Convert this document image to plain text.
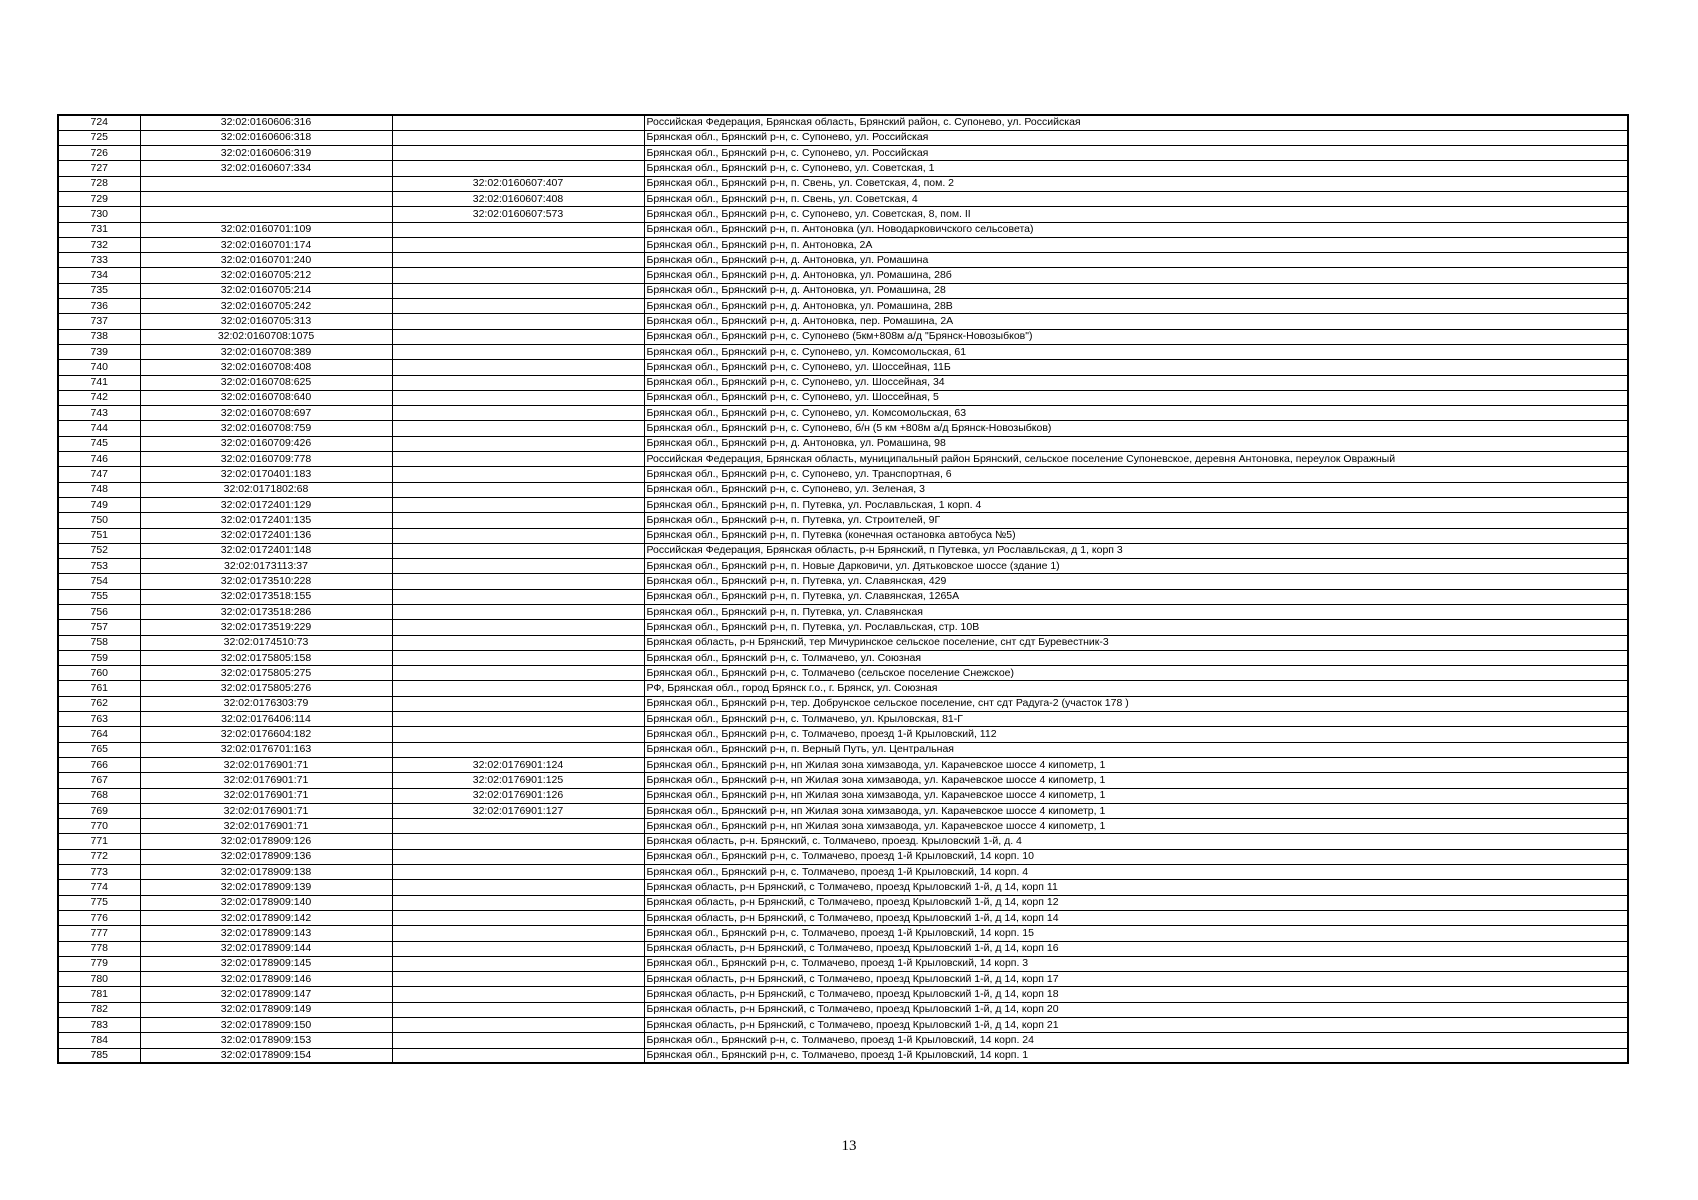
724	32:02:0160606:316		Российская Федерация, Брянская область, Брянский район, с. Супонево, ул. Российская
725	32:02:0160606:318		Брянская обл., Брянский р-н, с. Супонево, ул. Российская
726	32:02:0160606:319		Брянская обл., Брянский р-н, с. Супонево, ул. Российская
727	32:02:0160607:334		Брянская обл., Брянский р-н, с. Супонево, ул. Советская, 1
728		32:02:0160607:407	Брянская обл., Брянский р-н, п. Свень, ул. Советская, 4, пом. 2
729		32:02:0160607:408	Брянская обл., Брянский р-н, п. Свень, ул. Советская, 4
730		32:02:0160607:573	Брянская обл., Брянский р-н, с. Супонево, ул. Советская, 8, пом. II
731	32:02:0160701:109		Брянская обл., Брянский р-н, п. Антоновка (ул. Новодарковичского сельсовета)
732	32:02:0160701:174		Брянская обл., Брянский р-н, п. Антоновка, 2А
733	32:02:0160701:240		Брянская обл., Брянский р-н, д. Антоновка, ул. Ромашина
734	32:02:0160705:212		Брянская обл., Брянский р-н, д. Антоновка, ул. Ромашина, 28б
735	32:02:0160705:214		Брянская обл., Брянский р-н, д. Антоновка, ул. Ромашина, 28
736	32:02:0160705:242		Брянская обл., Брянский р-н, д. Антоновка, ул. Ромашина, 28В
737	32:02:0160705:313		Брянская обл., Брянский р-н, д. Антоновка, пер. Ромашина, 2А
738	32:02:0160708:1075		Брянская обл., Брянский р-н, с. Супонево (5км+808м а/д "Брянск-Новозыбков")
739	32:02:0160708:389		Брянская обл., Брянский р-н, с. Супонево, ул. Комсомольская, 61
740	32:02:0160708:408		Брянская обл., Брянский р-н, с. Супонево, ул. Шоссейная, 11Б
741	32:02:0160708:625		Брянская обл., Брянский р-н, с. Супонево, ул. Шоссейная, 34
742	32:02:0160708:640		Брянская обл., Брянский р-н, с. Супонево, ул. Шоссейная, 5
743	32:02:0160708:697		Брянская обл., Брянский р-н, с. Супонево, ул. Комсомольская, 63
744	32:02:0160708:759		Брянская обл., Брянский р-н, с. Супонево, б/н (5 км +808м а/д Брянск-Новозыбков)
745	32:02:0160709:426		Брянская обл., Брянский р-н, д. Антоновка, ул. Ромашина, 98
746	32:02:0160709:778		Российская Федерация, Брянская область, муниципальный район Брянский, сельское поселение Супоневское, деревня Антоновка, переулок Овражный
747	32:02:0170401:183		Брянская обл., Брянский р-н, с. Супонево, ул. Транспортная, 6
748	32:02:0171802:68		Брянская обл., Брянский р-н, с. Супонево, ул. Зеленая, 3
749	32:02:0172401:129		Брянская обл., Брянский р-н, п. Путевка, ул. Рославльская, 1 корп. 4
750	32:02:0172401:135		Брянская обл., Брянский р-н, п. Путевка, ул. Строителей, 9Г
751	32:02:0172401:136		Брянская обл., Брянский р-н, п. Путевка (конечная остановка автобуса №5)
752	32:02:0172401:148		Российская Федерация, Брянская область, р-н Брянский, п Путевка, ул Рославльская, д 1, корп 3
753	32:02:0173113:37		Брянская обл., Брянский р-н, п. Новые Дарковичи, ул. Дятьковское шоссе (здание 1)
754	32:02:0173510:228		Брянская обл., Брянский р-н, п. Путевка, ул. Славянская, 429
755	32:02:0173518:155		Брянская обл., Брянский р-н, п. Путевка, ул. Славянская, 1265А
756	32:02:0173518:286		Брянская обл., Брянский р-н, п. Путевка, ул. Славянская
757	32:02:0173519:229		Брянская обл., Брянский р-н, п. Путевка, ул. Рославльская, стр. 10В
758	32:02:0174510:73		Брянская область, р-н Брянский, тер Мичуринское сельское поселение, снт сдт Буревестник-3
759	32:02:0175805:158		Брянская обл., Брянский р-н, с. Толмачево, ул. Союзная
760	32:02:0175805:275		Брянская обл., Брянский р-н, с. Толмачево (сельское поселение Снежское)
761	32:02:0175805:276		РФ, Брянская обл., город Брянск г.о., г. Брянск, ул. Союзная
762	32:02:0176303:79		Брянская обл., Брянский р-н, тер. Добрунское сельское поселение, снт сдт Радуга-2 (участок 178 )
763	32:02:0176406:114		Брянская обл., Брянский р-н, с. Толмачево, ул. Крыловская, 81-Г
764	32:02:0176604:182		Брянская обл., Брянский р-н, с. Толмачево, проезд 1-й Крыловский, 112
765	32:02:0176701:163		Брянская обл., Брянский р-н, п. Верный Путь, ул. Центральная
766	32:02:0176901:71	32:02:0176901:124	Брянская обл., Брянский р-н, нп Жилая зона химзавода, ул. Карачевское шоссе 4 кипометр, 1
767	32:02:0176901:71	32:02:0176901:125	Брянская обл., Брянский р-н, нп Жилая зона химзавода, ул. Карачевское шоссе 4 кипометр, 1
768	32:02:0176901:71	32:02:0176901:126	Брянская обл., Брянский р-н, нп Жилая зона химзавода, ул. Карачевское шоссе 4 кипометр, 1
769	32:02:0176901:71	32:02:0176901:127	Брянская обл., Брянский р-н, нп Жилая зона химзавода, ул. Карачевское шоссе 4 кипометр, 1
770	32:02:0176901:71		Брянская обл., Брянский р-н, нп Жилая зона химзавода, ул. Карачевское шоссе 4 кипометр, 1
771	32:02:0178909:126		Брянская область, р-н. Брянский, с. Толмачево, проезд. Крыловский 1-й, д. 4
772	32:02:0178909:136		Брянская обл., Брянский р-н, с. Толмачево, проезд 1-й Крыловский, 14 корп. 10
773	32:02:0178909:138		Брянская обл., Брянский р-н, с. Толмачево, проезд 1-й Крыловский, 14 корп. 4
774	32:02:0178909:139		Брянская область, р-н Брянский, с Толмачево, проезд Крыловский 1-й, д 14, корп 11
775	32:02:0178909:140		Брянская область, р-н Брянский, с Толмачево, проезд Крыловский 1-й, д 14, корп 12
776	32:02:0178909:142		Брянская область, р-н Брянский, с Толмачево, проезд Крыловский 1-й, д 14, корп 14
777	32:02:0178909:143		Брянская обл., Брянский р-н, с. Толмачево, проезд 1-й Крыловский, 14 корп. 15
778	32:02:0178909:144		Брянская область, р-н Брянский, с Толмачево, проезд Крыловский 1-й, д 14, корп 16
779	32:02:0178909:145		Брянская обл., Брянский р-н, с. Толмачево, проезд 1-й Крыловский, 14 корп. 3
780	32:02:0178909:146		Брянская область, р-н Брянский, с Толмачево, проезд Крыловский 1-й, д 14, корп 17
781	32:02:0178909:147		Брянская область, р-н Брянский, с Толмачево, проезд Крыловский 1-й, д 14, корп 18
782	32:02:0178909:149		Брянская область, р-н Брянский, с Толмачево, проезд Крыловский 1-й, д 14, корп 20
783	32:02:0178909:150		Брянская область, р-н Брянский, с Толмачево, проезд Крыловский 1-й, д 14, корп 21
784	32:02:0178909:153		Брянская обл., Брянский р-н, с. Толмачево, проезд 1-й Крыловский, 14 корп. 24
785	32:02:0178909:154		Брянская обл., Брянский р-н, с. Толмачево, проезд 1-й Крыловский, 14 корп. 1
13
